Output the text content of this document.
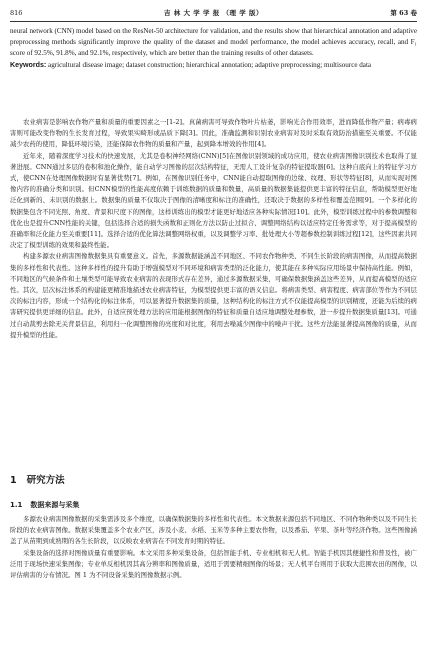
816	吉 林 大 学 学 报 （理 学 版）	第 63 卷

neural network (CNN) model based on the ResNet-50 architecture for validation, and the results show that hierarchical annotation and adaptive preprocessing methods significantly improve the quality of the dataset and model performance, the model achieves accuracy, recall, and F₁ score of 92.5%, 91.8%, and 92.1%, respectively, which are better than the training results of other datasets.

Keywords: agricultural disease image; dataset construction; hierarchical annotation; adaptive preprocessing; multisource data

农业病害是影响农作物产量和质量的重要因素之一[1-2]。真菌病害可导致作物叶片枯萎，影响光合作用效率，进而降低作物产量；病毒病害则可能改变作物的生长发育过程，导致果实畸形或品质下降[3]。因此，准确监测和识别农业病害对及时采取有效防治措施至关重要。不仅能减少农药的使用，降低环境污染，还能保障农作物的质量和产量，起到降本增效的作用[4]。

近年来，随着深度学习技术的快速发展，尤其是卷积神经网络(CNN)[5]在图像识别领域的成功应用，使农业病害图像识别技术也取得了显著进展。CNN通过多层的卷积和池化操作，能自动学习图像的层次结构特征，无需人工设计复杂的特征提取器[6]。这种自底向上的特征学习方式，使CNN在处理图像数据时有显著优势[7]。例如，在图像识别任务中，CNN能自动提取图像的边缘、纹理、形状等特征[8]，从而实现对图像内容的准确分类和识别。但CNN模型的性能高度依赖于训练数据的质量和数量，高质量的数据集能提供更丰富的特征信息，帮助模型更好地泛化到新的、未识别的数据上。数据集的质量不仅取决于图像的清晰度和标注的准确性，还取决于数据的多样性和覆盖范围[9]。一个多样化的数据集包含不同光照、角度、背景和尺度下的图像，这样训练出的模型才能更好地适应各种实际情况[10]。此外，模型训练过程中的参数调整和优化也是提升CNN性能的关键，包括选择合适的损失函数和正则化方法以防止过拟合、调整网络结构以适应特定任务需求等，对于提高模型的准确率和泛化能力至关重要[11]。选择合适的优化算法调整网络权重，以及调整学习率、批处理大小等超参数控制训练过程[12]，这些因素共同决定了模型训练的效果和最终性能。

构建多源农业病害图像数据集具有重要意义。首先，多源数据能涵盖不同地区、不同农作物种类、不同生长阶段的病害图像，从而提高数据集的多样性和代表性。这种多样性的提升有助于增强模型对不同环境和病害类型的泛化能力，使其能在多种实际应用场景中保持高性能。例如，不同地区的气候条件和土壤类型可能导致农业病害的表现形式存在差异，通过多源数据采集，可确保数据集涵盖这些差异，从而提高模型的适应性。其次，层次标注体系的构建能更精准地描述农业病害特征，为模型提供更丰富的语义信息。将病害类型、病害程度、病害部位等作为不同层次的标注内容，形成一个结构化的标注体系，可以显著提升数据集的质量，这种结构化的标注方式不仅能提高模型的识别精度，还能为后续的病害研究提供更详细的信息。此外，自适应预处理方法的应用能根据图像的特征和质量自适应地调整处理参数，进一步提升数据集质量[13]。可通过自动裁剪去除无关背景信息，利用归一化调整图像的亮度和对比度，利用去噪减少图像中的噪声干扰。这些方法能显著提高图像的质量，从而提升模型的性能。

1 研究方法
1.1 数据来源与采集

多源农业病害图像数据的采集需涉及多个维度，以确保数据集的多样性和代表性。本文数据来源包括不同地区、不同作物种类以及不同生长阶段的农业病害图像。数据采集覆盖多个农业产区，涉及小麦、水稻、玉米等多种主要农作物，以及番茄、苹果、茶叶等经济作物。这些图像涵盖了从苗期到成熟期的各生长阶段，以反映农业病害在不同发育时期的特征。

采集设备的选择对图像质量有重要影响。本文采用多种采集设备，包括智能手机、专业相机和无人机。智能手机因其便捷性和普及性，被广泛用于现场快速采集图像；专业单反相机因其高分辨率和图像质量，适用于需要精细图像的场景；无人机平台则用于获取大范围农田的图像，以评估病害的分布情况。图 1 为不同设备采集的图像数据示例。
